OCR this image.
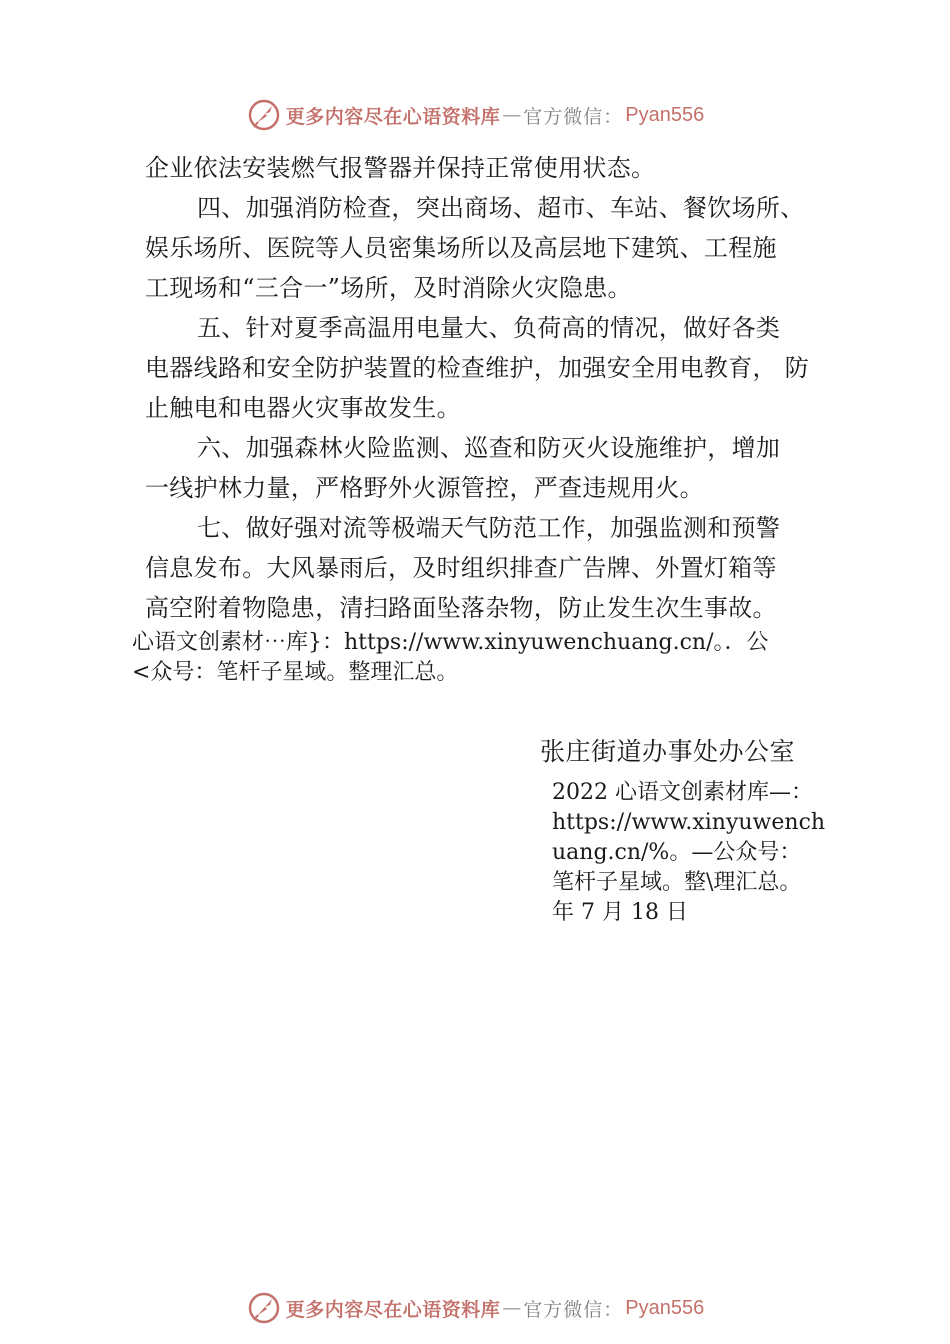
更多内容尽在心语资料库 — 官方微信： Pyan556
企业依法安装燃气报警器并保持正常使用状态。
四、加强消防检查，突出商场、超市、车站、餐饮场所、
娱乐场所、医院等人员密集场所以及高层地下建筑、工程施
工现场和“三合一”场所，及时消除火灾隐患。
五、针对夏季高温用电量大、负荷高的情况，做好各类
电器线路和安全防护装置的检查维护，加强安全用电教育， 防
止触电和电器火灾事故发生。
六、加强森林火险监测、巡查和防灭火设施维护，增加
一线护林力量，严格野外火源管控，严查违规用火。
七、做好强对流等极端天气防范工作，加强监测和预警
信息发布。大风暴雨后，及时组织排查广告牌、外置灯箱等
高空附着物隐患，清扫路面坠落杂物，防止发生次生事故。
心语文创素材⋯库}：https://www.xinyuwenchuang.cn/。．公
<众号：笔杆子星域。整理汇总。
张庄街道办事处办公室
2022 心语文创素材库—：
https://www.xinyuwench
uang.cn/%。—公众号：
笔杆子星域。整\理汇总。
年 7 月 18 日
更多内容尽在心语资料库 — 官方微信： Pyan556
